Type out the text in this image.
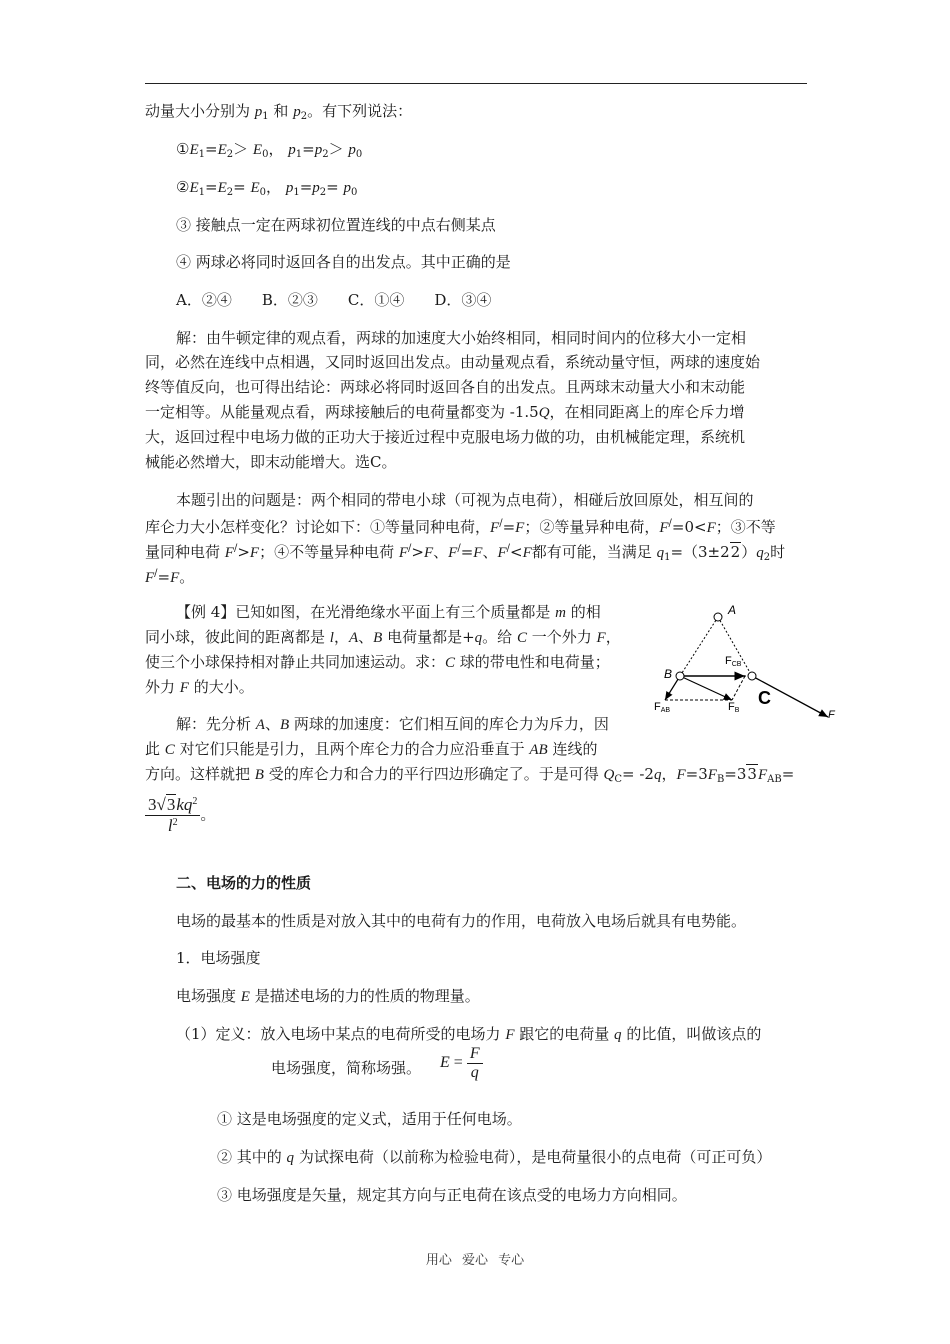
动量大小分别为 $p_1$ 和 $p_2$。有下列说法：
$①E_1=E_2> E_0$， $p_1=p_2> p_0$
$②E_1=E_2= E_0$， $p_1=p_2= p_0$
③ 接触点一定在两球初位置连线的中点右侧某点
④ 两球必将同时返回各自的出发点。其中正确的是
A．②④　　B．②③　　C．①④　　D．③④
解：由牛顿定律的观点看，两球的加速度大小始终相同，相同时间内的位移大小一定相
同，必然在连线中点相遇，又同时返回出发点。由动量观点看，系统动量守恒，两球的速度始
终等值反向，也可得出结论：两球必将同时返回各自的出发点。且两球末动量大小和末动能
一定相等。从能量观点看，两球接触后的电荷量都变为 -1.5Q，在相同距离上的库仑斥力增
大，返回过程中电场力做的正功大于接近过程中克服电场力做的功，由机械能定理，系统机
械能必然增大，即末动能增大。选C。
本题引出的问题是：两个相同的带电小球（可视为点电荷），相碰后放回原处，相互间的
库仑力大小怎样变化？讨论如下：①等量同种电荷，F/=F；②等量异种电荷，F/=0<F；③不等
量同种电荷 F/>F；④不等量异种电荷 F/>F、F/=F、F/<F都有可能，当满足 $q_1=(3\pm 22)q_2$时
F/=F。
【例 4】已知如图，在光滑绝缘水平面上有三个质量都是 m 的相
同小球，彼此间的距离都是 l，A、B 电荷量都是+q。给 C 一个外力 F，
使三个小球保持相对静止共同加速运动。求：C 球的带电性和电荷量；
外力 F 的大小。
解：先分析 A、B 两球的加速度：它们相互间的库仑力为斥力，因
此 C 对它们只能是引力，且两个库仑力的合力应沿垂直于 AB 连线的
方向。这样就把 B 受的库仑力和合力的平行四边形确定了。于是可得 $Q_C= -2q$，$F=3F_B=33F_{AB}=$
$\frac{3√3kq^2}{l^2}$ 。
A
B
C
F
FCB
FAB	FB
二、电场的力的性质
电场的最基本的性质是对放入其中的电荷有力的作用，电荷放入电场后就具有电势能。
1．电场强度
电场强度 E 是描述电场的力的性质的物理量。
（1）定义：放入电场中某点的电荷所受的电场力 F 跟它的电荷量 q 的比值，叫做该点的
电场强度，简称场强。 $E = \frac{F}{q}$
① 这是电场强度的定义式，适用于任何电场。
② 其中的 q 为试探电荷（以前称为检验电荷），是电荷量很小的点电荷（可正可负）
③ 电场强度是矢量，规定其方向与正电荷在该点受的电场力方向相同。
用心 爱心 专心
